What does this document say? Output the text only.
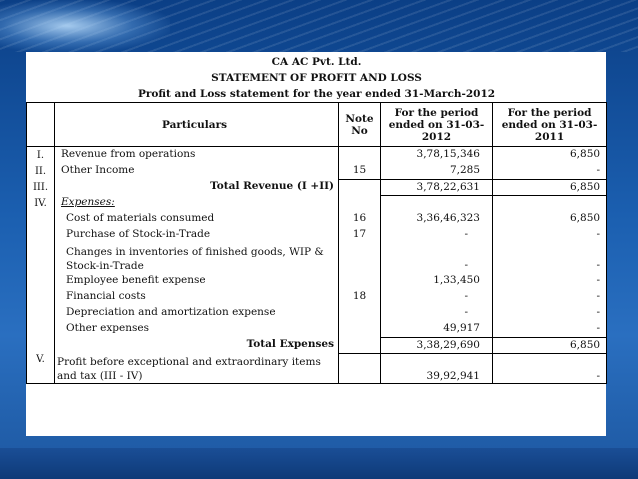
CA AC Pvt. Ltd.				
STATEMENT OF PROFIT AND LOSS				
Profit and Loss statement for the year ended 31-March-2012				
	Particulars	Note No	For the period ended on 31-03-2012	For the period ended on 31-03-2011
I.	Revenue from operations		3,78,15,346	6,850
II.	Other Income	15	7,285	-
III.	Total Revenue (I +II)		3,78,22,631	6,850
IV.	Expenses:			
	Cost of materials consumed	16	3,36,46,323	6,850
	Purchase of Stock-in-Trade	17	-	-
	Changes in inventories of finished goods, WIP & Stock-in-Trade		-	-
	Employee benefit expense		1,33,450	-
	Financial costs	18	-	-
	Depreciation and amortization expense		-	-
	Other expenses		49,917	-
	Total Expenses		3,38,29,690	6,850
V.	Profit before exceptional and extraordinary items and tax (III - IV)		39,92,941	-
